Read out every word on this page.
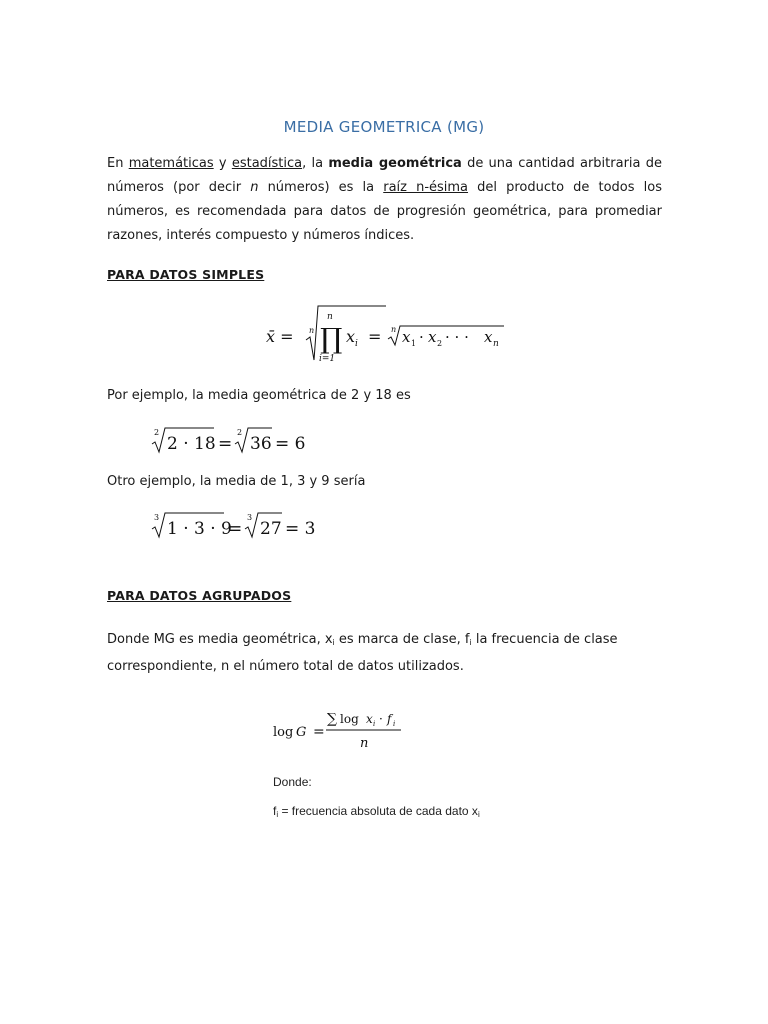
MEDIA GEOMETRICA (MG)
En matemáticas y estadística, la media geométrica de una cantidad arbitraria de números (por decir n números) es la raíz n-ésima del producto de todos los números, es recomendada para datos de progresión geométrica, para promediar razones, interés compuesto y números índices.
PARA DATOS SIMPLES
x̄ = n
n
∏
i=1
x i = n x 1 · x 2 · · · x n
Por ejemplo, la media geométrica de 2 y 18 es
2
2 · 18 =
2
36 = 6
Otro ejemplo, la media de 1, 3 y 9 sería
3
1 · 3 · 9
=
3
27 = 3
PARA DATOS AGRUPADOS
Donde MG es media geométrica, $x_i$ es marca de clase, $f_i$ la frecuencia de clase correspondiente, n el número total de datos utilizados.
log G =
∑ log x i · f i
n
Donde:
$f_i$ = frecuencia absoluta de cada dato $x_i$
